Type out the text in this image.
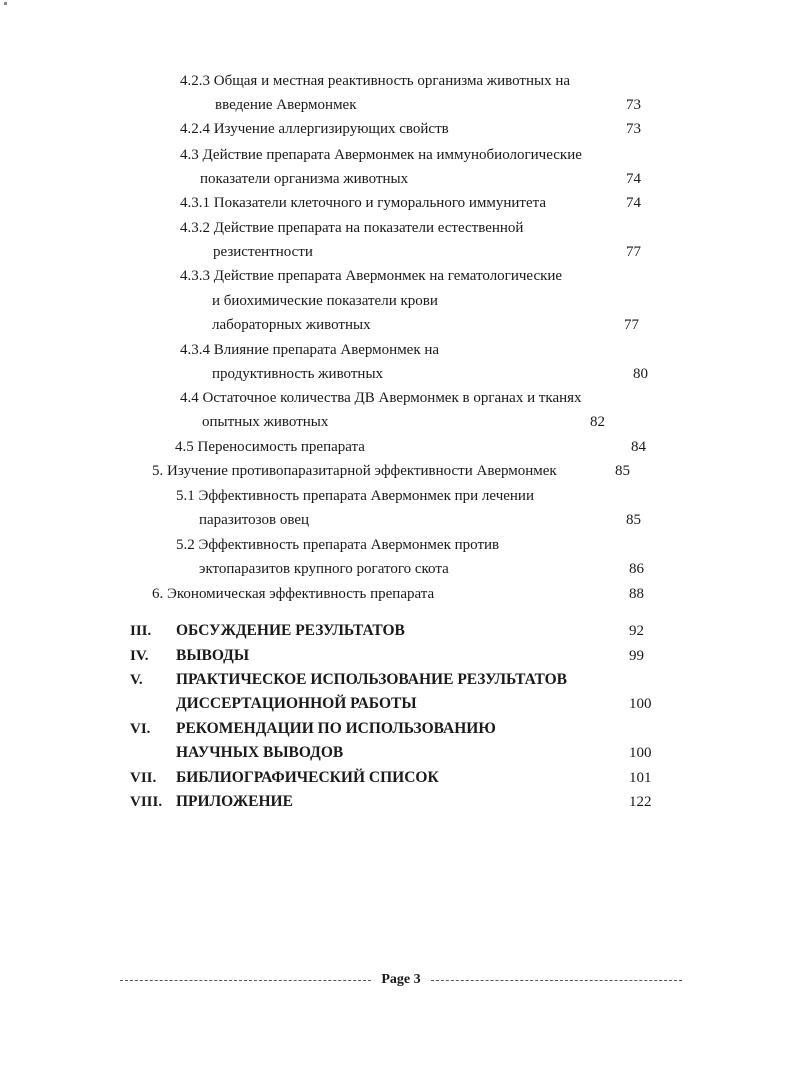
4.2.3 Общая и местная реактивность организма животных на
введение Авермонмек	73
4.2.4 Изучение аллергизирующих свойств	73
4.3 Действие препарата Авермонмек на иммунобиологические
показатели организма животных	74
4.3.1 Показатели клеточного и гуморального иммунитета	74
4.3.2 Действие препарата на показатели естественной
резистентности	77
4.3.3 Действие препарата Авермонмек на гематологические
и биохимические показатели крови
лабораторных животных	77
4.3.4 Влияние препарата Авермонмек на
продуктивность животных	80
4.4 Остаточное количества ДВ Авермонмек в органах и тканях
опытных животных	82
4.5 Переносимость препарата	84
5. Изучение противопаразитарной эффективности Авермонмек	85
5.1 Эффективность препарата Авермонмек при лечении
паразитозов овец	85
5.2 Эффективность препарата Авермонмек против
эктопаразитов крупного рогатого скота	86
6. Экономическая эффективность препарата	88
III. ОБСУЖДЕНИЕ РЕЗУЛЬТАТОВ	92
IV. ВЫВОДЫ	99
V. ПРАКТИЧЕСКОЕ ИСПОЛЬЗОВАНИЕ РЕЗУЛЬТАТОВ
ДИССЕРТАЦИОННОЙ РАБОТЫ	100
VI. РЕКОМЕНДАЦИИ ПО ИСПОЛЬЗОВАНИЮ
НАУЧНЫХ ВЫВОДОВ	100
VII. БИБЛИОГРАФИЧЕСКИЙ СПИСОК	101
VIII. ПРИЛОЖЕНИЕ	122
Page 3
